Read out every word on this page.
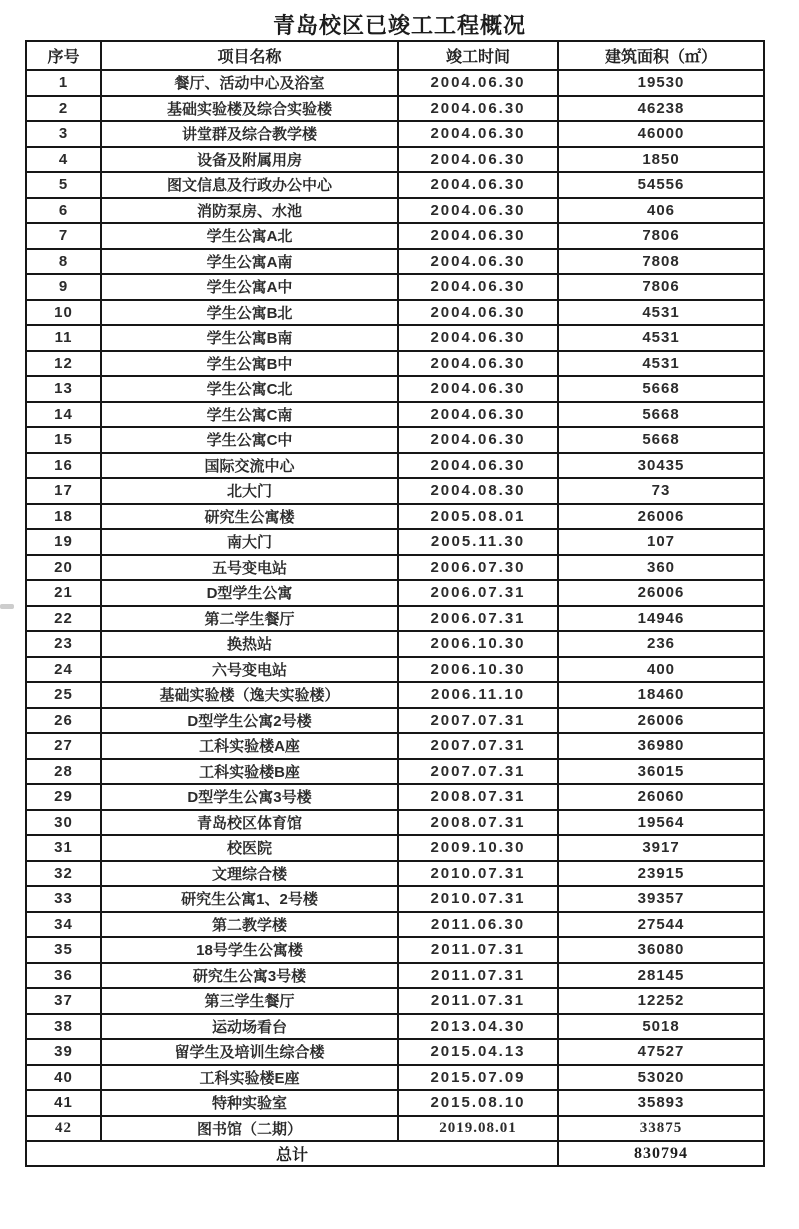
青岛校区已竣工工程概况
序号	项目名称	竣工时间	建筑面积（㎡）
1	餐厅、活动中心及浴室	2004.06.30	19530
2	基础实验楼及综合实验楼	2004.06.30	46238
3	讲堂群及综合教学楼	2004.06.30	46000
4	设备及附属用房	2004.06.30	1850
5	图文信息及行政办公中心	2004.06.30	54556
6	消防泵房、水池	2004.06.30	406
7	学生公寓A北	2004.06.30	7806
8	学生公寓A南	2004.06.30	7808
9	学生公寓A中	2004.06.30	7806
10	学生公寓B北	2004.06.30	4531
11	学生公寓B南	2004.06.30	4531
12	学生公寓B中	2004.06.30	4531
13	学生公寓C北	2004.06.30	5668
14	学生公寓C南	2004.06.30	5668
15	学生公寓C中	2004.06.30	5668
16	国际交流中心	2004.06.30	30435
17	北大门	2004.08.30	73
18	研究生公寓楼	2005.08.01	26006
19	南大门	2005.11.30	107
20	五号变电站	2006.07.30	360
21	D型学生公寓	2006.07.31	26006
22	第二学生餐厅	2006.07.31	14946
23	换热站	2006.10.30	236
24	六号变电站	2006.10.30	400
25	基础实验楼（逸夫实验楼）	2006.11.10	18460
26	D型学生公寓2号楼	2007.07.31	26006
27	工科实验楼A座	2007.07.31	36980
28	工科实验楼B座	2007.07.31	36015
29	D型学生公寓3号楼	2008.07.31	26060
30	青岛校区体育馆	2008.07.31	19564
31	校医院	2009.10.30	3917
32	文理综合楼	2010.07.31	23915
33	研究生公寓1、2号楼	2010.07.31	39357
34	第二教学楼	2011.06.30	27544
35	18号学生公寓楼	2011.07.31	36080
36	研究生公寓3号楼	2011.07.31	28145
37	第三学生餐厅	2011.07.31	12252
38	运动场看台	2013.04.30	5018
39	留学生及培训生综合楼	2015.04.13	47527
40	工科实验楼E座	2015.07.09	53020
41	特种实验室	2015.08.10	35893
42	图书馆（二期）	2019.08.01	33875
总计			830794
